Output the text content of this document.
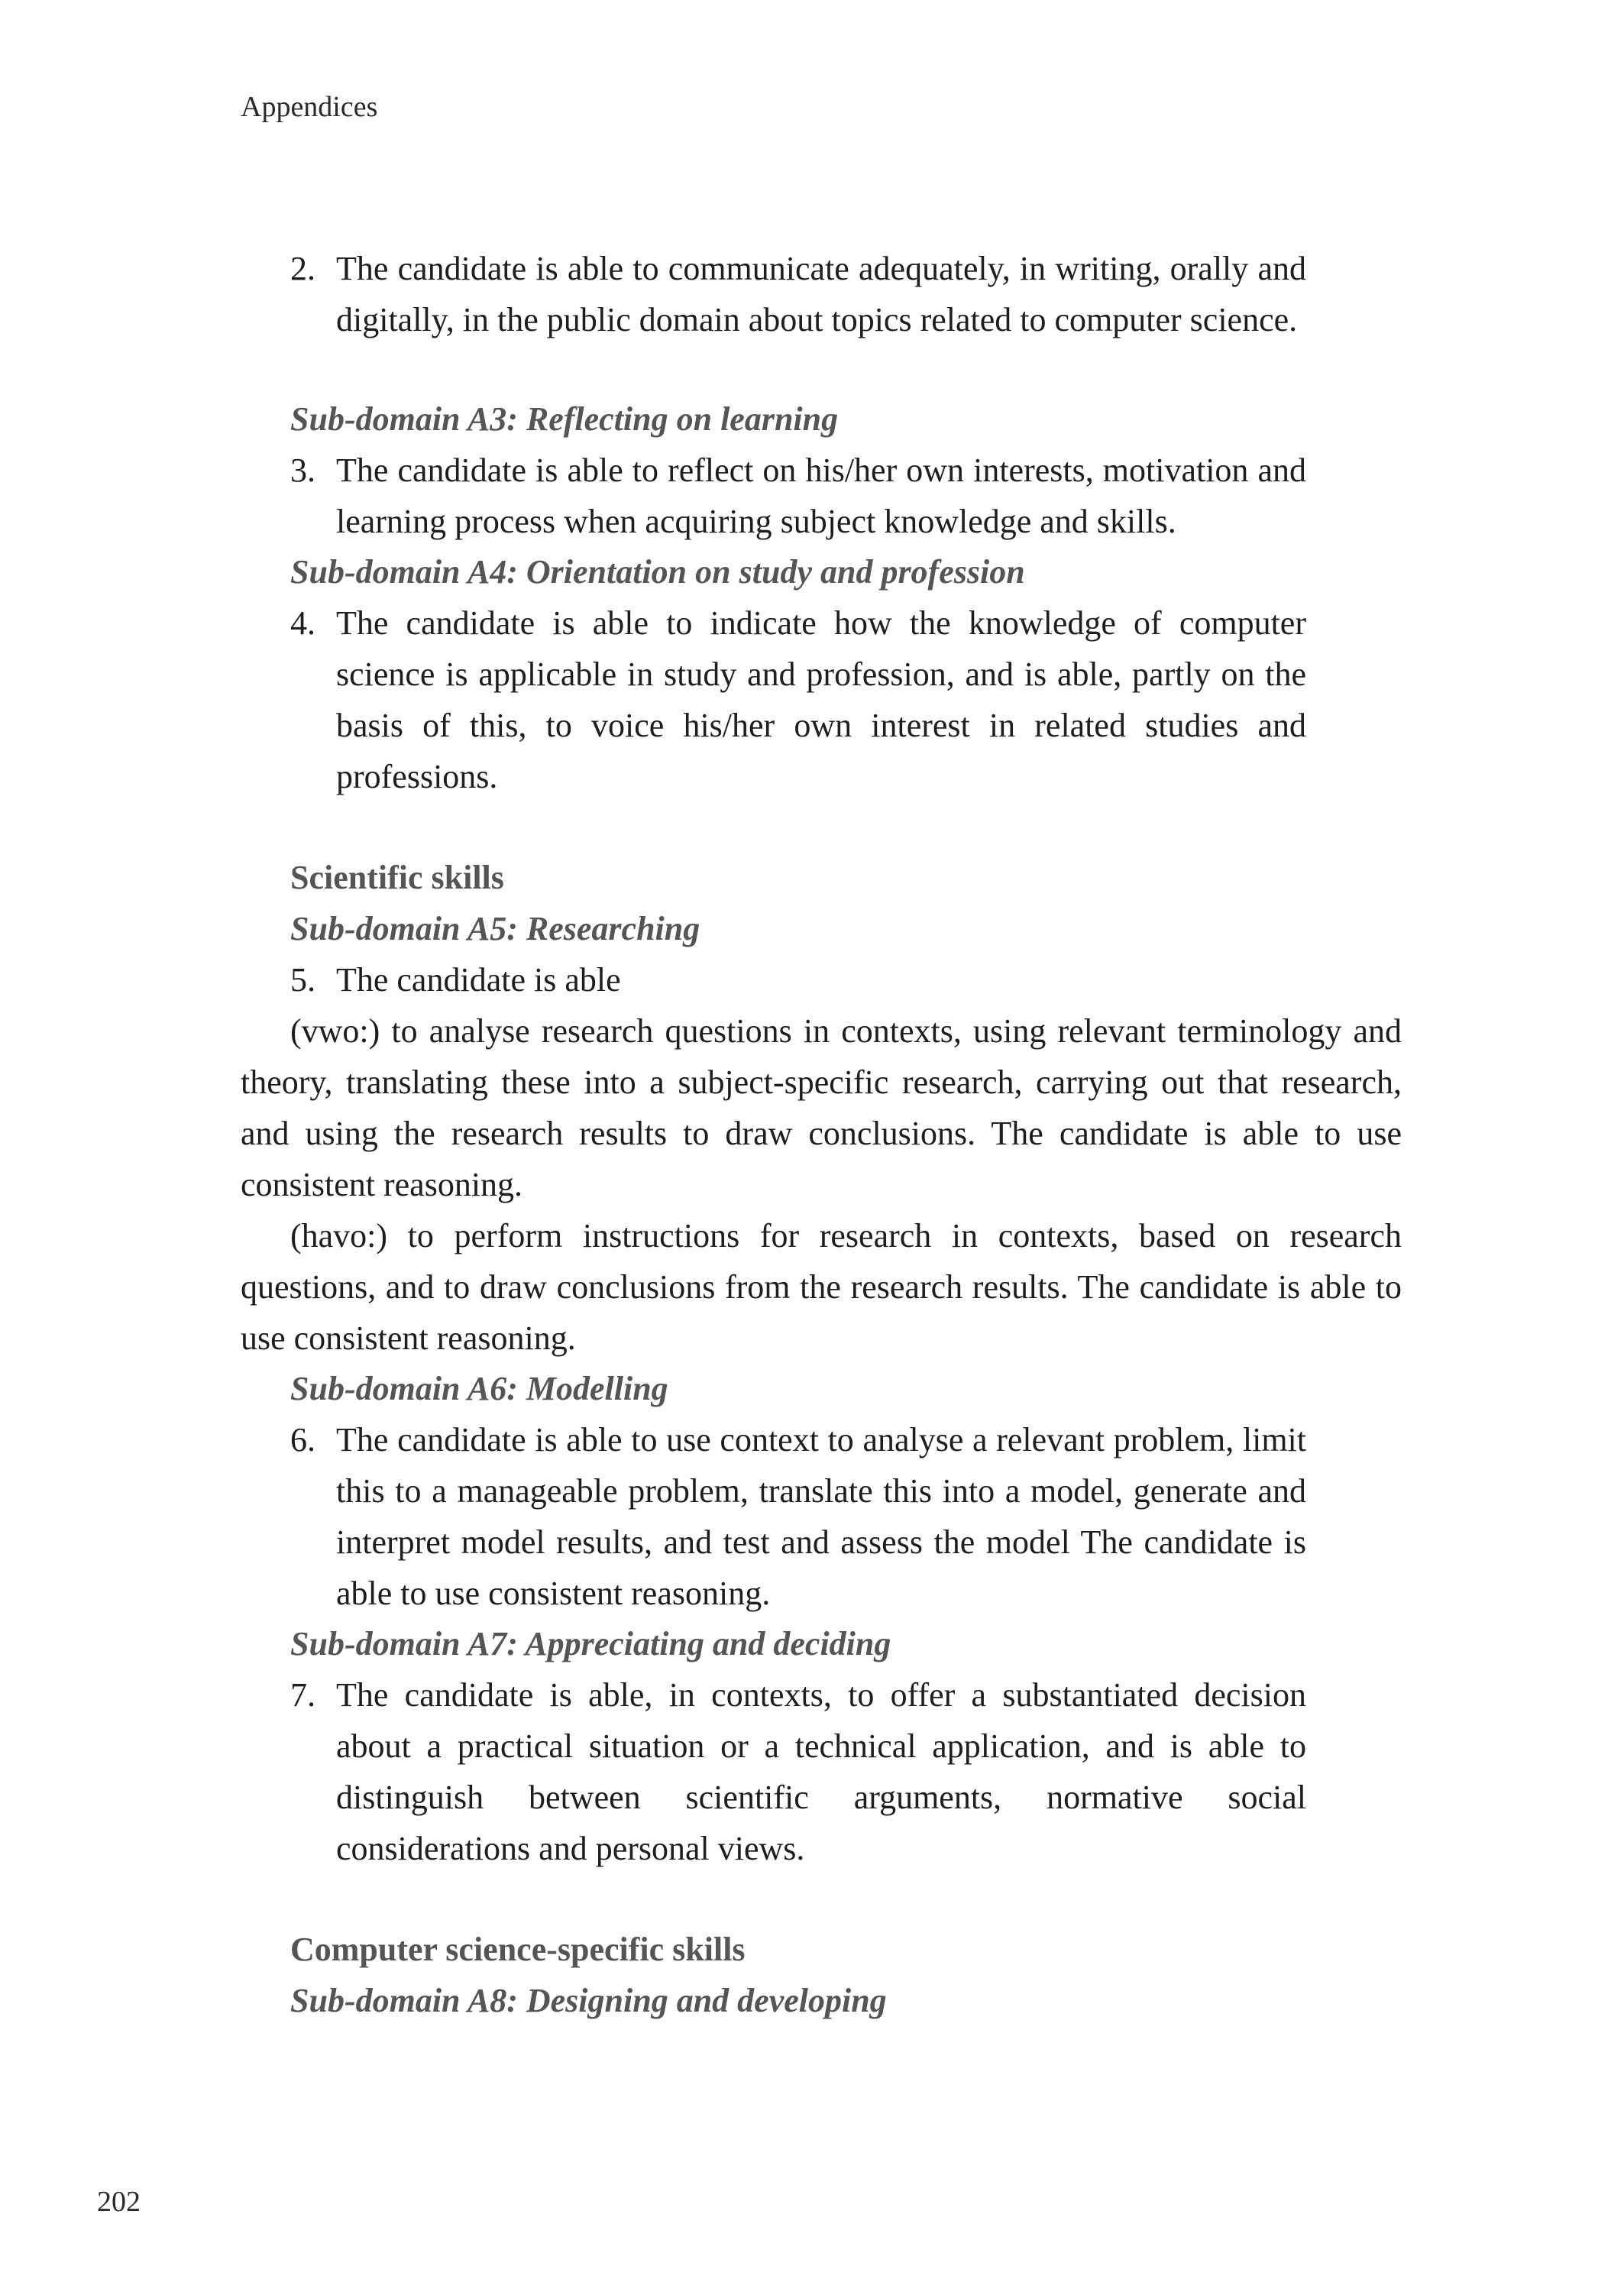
Appendices
2. The candidate is able to communicate adequately, in writing, orally and digitally, in the public domain about topics related to computer science.
Sub-domain A3: Reflecting on learning
3. The candidate is able to reflect on his/her own interests, motivation and learning process when acquiring subject knowledge and skills.
Sub-domain A4: Orientation on study and profession
4. The candidate is able to indicate how the knowledge of computer science is applicable in study and profession, and is able, partly on the basis of this, to voice his/her own interest in related studies and professions.
Scientific skills
Sub-domain A5: Researching
5. The candidate is able
(vwo:) to analyse research questions in contexts, using relevant terminology and theory, translating these into a subject-specific research, carrying out that research, and using the research results to draw conclusions. The candidate is able to use consistent reasoning.
(havo:) to perform instructions for research in contexts, based on research questions, and to draw conclusions from the research results. The candidate is able to use consistent reasoning.
Sub-domain A6: Modelling
6. The candidate is able to use context to analyse a relevant problem, limit this to a manageable problem, translate this into a model, generate and interpret model results, and test and assess the model The candidate is able to use consistent reasoning.
Sub-domain A7: Appreciating and deciding
7. The candidate is able, in contexts, to offer a substantiated decision about a practical situation or a technical application, and is able to distinguish between scientific arguments, normative social considerations and personal views.
Computer science-specific skills
Sub-domain A8: Designing and developing
202
